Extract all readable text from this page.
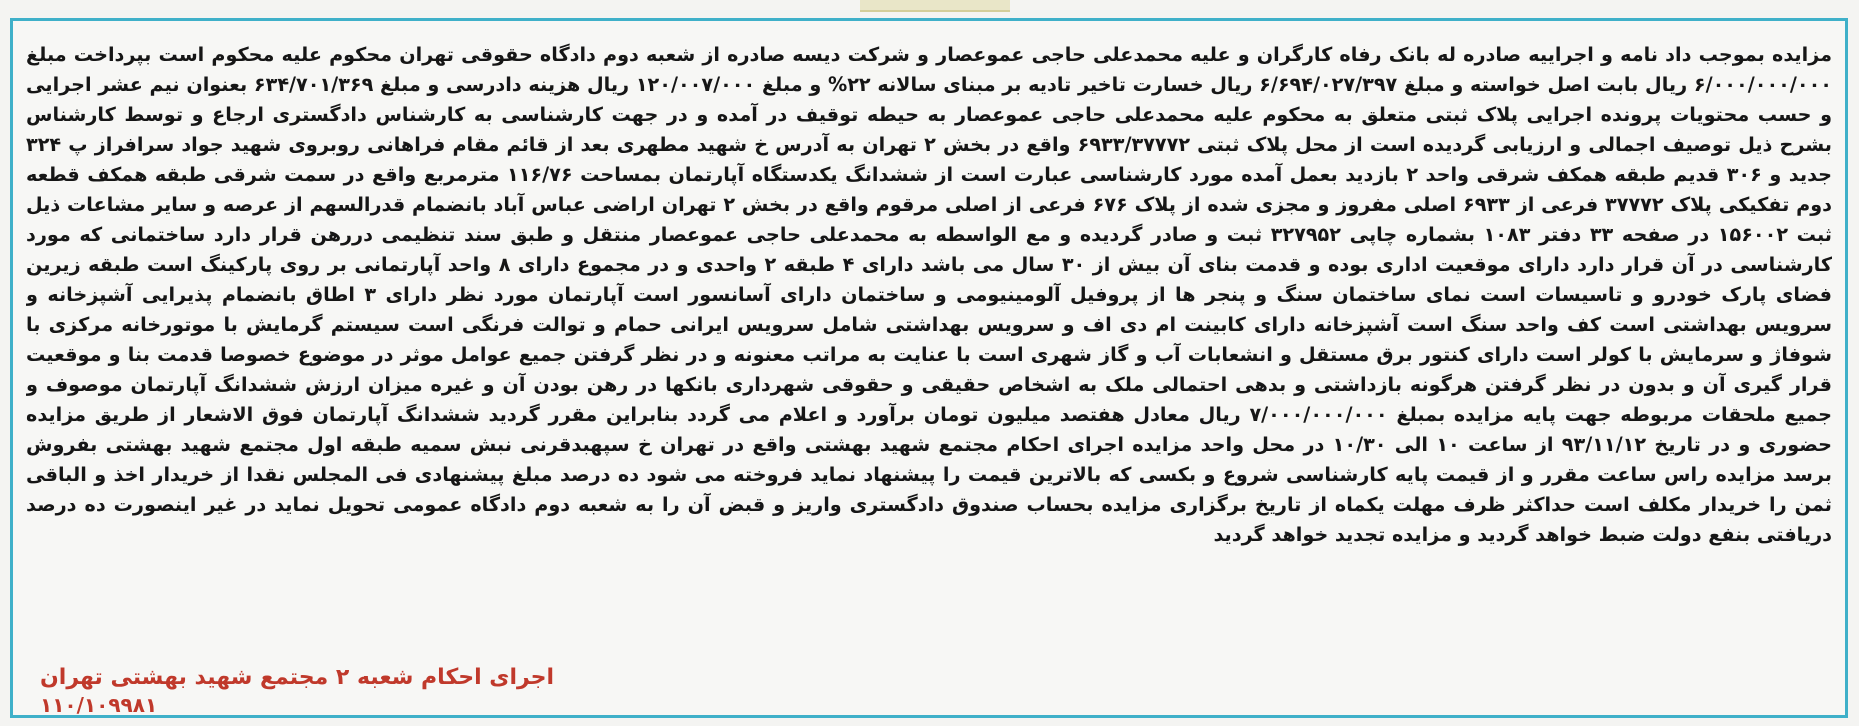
مزایده بموجب داد نامه و اجراییه صادره له بانک رفاه کارگران و علیه محمدعلی حاجی عموعصار و شرکت دیسه صادره از شعبه دوم دادگاه حقوقی تهران محکوم علیه محکوم است بپرداخت مبلغ ۶/۰۰۰/۰۰۰/۰۰۰ ریال بابت اصل خواسته و مبلغ ۶/۶۹۴/۰۲۷/۳۹۷ ریال خسارت تاخیر تادیه بر مبنای سالانه ۲۲% و مبلغ ۱۲۰/۰۰۷/۰۰۰ ریال هزینه دادرسی و مبلغ ۶۳۴/۷۰۱/۳۶۹ بعنوان نیم عشر اجرایی و حسب محتویات پرونده اجرایی پلاک ثبتی متعلق به محکوم علیه محمدعلی حاجی عموعصار به حیطه توقیف در آمده و در جهت کارشناسی به کارشناس دادگستری ارجاع و توسط کارشناس بشرح ذیل توصیف اجمالی و ارزیابی گردیده است از محل پلاک ثبتی ۶۹۳۳/۳۷۷۷۲ واقع در بخش ۲ تهران به آدرس خ شهید مطهری بعد از قائم مقام فراهانی روبروی شهید جواد سرافراز پ ۳۲۴ جدید و ۳۰۶ قدیم طبقه همکف شرقی واحد ۲ بازدید بعمل آمده مورد کارشناسی عبارت است از ششدانگ یکدستگاه آپارتمان بمساحت ۱۱۶/۷۶ مترمربع واقع در سمت شرقی طبقه همکف قطعه دوم تفکیکی پلاک ۳۷۷۷۲ فرعی از ۶۹۳۳ اصلی مفروز و مجزی شده از پلاک ۶۷۶ فرعی از اصلی مرقوم واقع در بخش ۲ تهران اراضی عباس آباد بانضمام قدرالسهم از عرصه و سایر مشاعات ذیل ثبت ۱۵۶۰۰۲ در صفحه ۳۳ دفتر ۱۰۸۳ بشماره چاپی ۳۲۷۹۵۲ ثبت و صادر گردیده و مع الواسطه به محمدعلی حاجی عموعصار منتقل و طبق سند تنظیمی دررهن قرار دارد ساختمانی که مورد کارشناسی در آن قرار دارد دارای موقعیت اداری بوده و قدمت بنای آن بیش از ۳۰ سال می باشد دارای ۴ طبقه ۲ واحدی و در مجموع دارای ۸ واحد آپارتمانی بر روی پارکینگ است طبقه زیرین فضای پارک خودرو و تاسیسات است نمای ساختمان سنگ و پنجر ها از پروفیل آلومینیومی و ساختمان دارای آسانسور است آپارتمان مورد نظر دارای ۳ اطاق بانضمام پذیرایی آشپزخانه و سرویس بهداشتی است کف واحد سنگ است آشپزخانه دارای کابینت ام دی اف و سرویس بهداشتی شامل سرویس ایرانی حمام و توالت فرنگی است سیستم گرمایش با موتورخانه مرکزی با شوفاژ و سرمایش با کولر است دارای کنتور برق مستقل و انشعابات آب و گاز شهری است با عنایت به مراتب معنونه و در نظر گرفتن جمیع عوامل موثر در موضوع خصوصا قدمت بنا و موقعیت قرار گیری آن و بدون در نظر گرفتن هرگونه بازداشتی و بدهی احتمالی ملک به اشخاص حقیقی و حقوقی شهرداری بانکها در رهن بودن آن و غیره میزان ارزش ششدانگ آپارتمان موصوف و جمیع ملحقات مربوطه جهت پایه مزایده بمبلغ ۷/۰۰۰/۰۰۰/۰۰۰ ریال معادل هفتصد میلیون تومان برآورد و اعلام می گردد بنابراین مقرر گردید ششدانگ آپارتمان فوق الاشعار از طریق مزایده حضوری و در تاریخ ۹۳/۱۱/۱۲ از ساعت ۱۰ الی ۱۰/۳۰ در محل واحد مزایده اجرای احکام مجتمع شهید بهشتی واقع در تهران خ سپهبدقرنی نبش سمیه طبقه اول مجتمع شهید بهشتی بفروش برسد مزایده راس ساعت مقرر و از قیمت پایه کارشناسی شروع و بکسی که بالاترین قیمت را پیشنهاد نماید فروخته می شود ده درصد مبلغ پیشنهادی فی المجلس نقدا از خریدار اخذ و الباقی ثمن را خریدار مکلف است حداکثر ظرف مهلت یکماه از تاریخ برگزاری مزایده بحساب صندوق دادگستری واریز و قبض آن را به شعبه دوم دادگاه عمومی تحویل نماید در غیر اینصورت ده درصد دریافتی بنفع دولت ضبط خواهد گردید و مزایده تجدید خواهد گردید

اجرای احکام شعبه ۲ مجتمع شهید بهشتی تهران
۱۱۰/۱۰۹۹۸۱
